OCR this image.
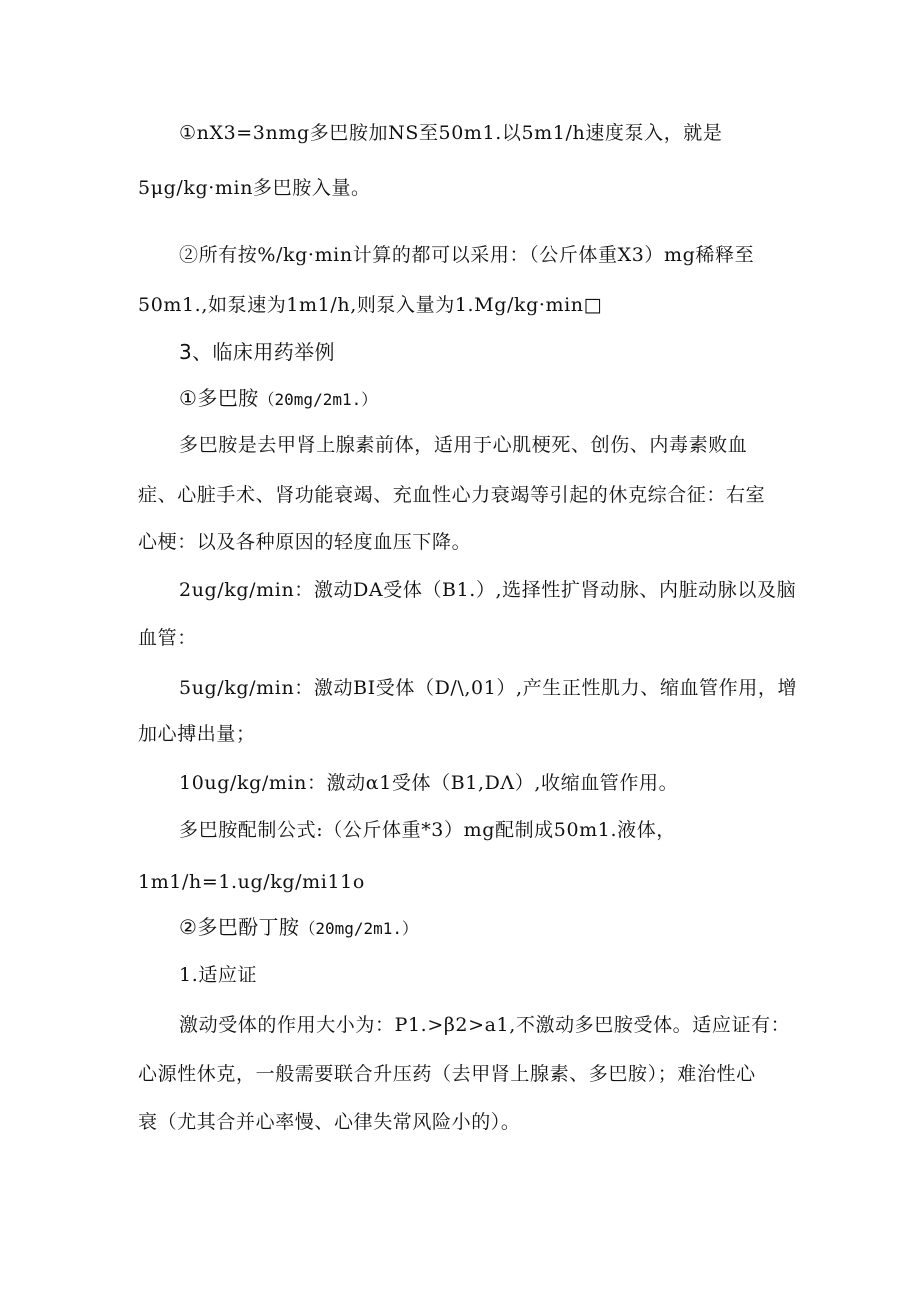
①nX3=3nmg多巴胺加NS至50m1.以5m1∕h速度泵入，就是
5μg∕kg·min多巴胺入量。
②所有按%∕kg·min计算的都可以采用：（公斤体重X3）mg稀释至
50m1.,如泵速为1m1∕h,则泵入量为1.Mg∕kg·min□
3、临床用药举例
①多巴胺（20mg/2m1.）
多巴胺是去甲肾上腺素前体，适用于心肌梗死、创伤、内毒素败血
症、心脏手术、肾功能衰竭、充血性心力衰竭等引起的休克综合征：右室
心梗：以及各种原因的轻度血压下降。
2ug/kg/min：激动DA受体（B1.）,选择性扩肾动脉、内脏动脉以及脑
血管：
5ug/kg/min：激动BI受体（D∕\,01）,产生正性肌力、缩血管作用，增
加心搏出量；
10ug/kg/min：激动α1受体（B1,DΛ）,收缩血管作用。
多巴胺配制公式:（公斤体重*3）mg配制成50m1.液体，
1m1∕h=1.ug∕kg∕mi11o
②多巴酚丁胺（20mg/2m1.）
1.适应证
激动受体的作用大小为：P1.>β2>a1,不激动多巴胺受体。适应证有：
心源性休克，一般需要联合升压药（去甲肾上腺素、多巴胺）；难治性心
衰（尤其合并心率慢、心律失常风险小的）。
